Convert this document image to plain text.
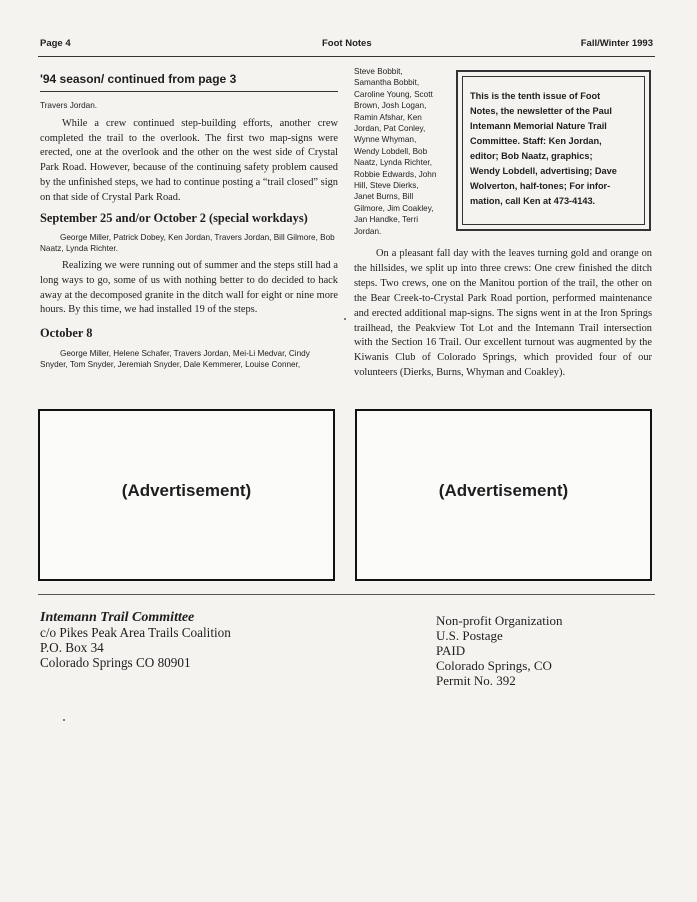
Page 4	Foot Notes	Fall/Winter 1993
'94 season/ continued from page 3
Travers Jordan.

While a crew continued step-building efforts, another crew completed the trail to the overlook. The first two map-signs were erected, one at the overlook and the other on the west side of Crystal Park Road. However, because of the continuing safety problem caused by the unfinished steps, we had to continue posting a “trail closed” sign on that side of Crystal Park Road.

September 25 and/or October 2 (special workdays)

George Miller, Patrick Dobey, Ken Jordan, Travers Jordan, Bill Gilmore, Bob Naatz, Lynda Richter.

Realizing we were running out of summer and the steps still had a long ways to go, some of us with nothing better to do decided to hack away at the decomposed granite in the ditch wall for eight or nine more hours. By this time, we had installed 19 of the steps.

October 8

George Miller, Helene Schafer, Travers Jordan, Mei-Li Medvar, Cindy Snyder, Tom Snyder, Jeremiah Snyder, Dale Kemmerer, Louise Conner,

Steve Bobbit,
Samantha Bobbit,
Caroline Young, Scott
Brown, Josh Logan,
Ramin Afshar, Ken
Jordan, Pat Conley,
Wynne Whyman,
Wendy Lobdell, Bob
Naatz, Lynda Richter,
Robbie Edwards, John
Hill, Steve Dierks,
Janet Burns, Bill
Gilmore, Jim Coakley,
Jan Handke, Terri
Jordan.
This is the tenth issue of Foot
Notes, the newsletter of the Paul
Intemann Memorial Nature Trail
Committee. Staff: Ken Jordan,
editor; Bob Naatz, graphics;
Wendy Lobdell, advertising; Dave
Wolverton, half-tones; For infor-
mation, call Ken at 473-4143.

On a pleasant fall day with the leaves turning gold and orange on the hillsides, we split up into three crews: One crew finished the ditch steps. Two crews, one on the Manitou portion of the trail, the other on the Bear Creek-to-Crystal Park Road portion, performed maintenance and erected additional map-signs. The signs went in at the Iron Springs trailhead, the Peakview Tot Lot and the Intemann Trail intersection with the Section 16 Trail. Our excellent turnout was augmented by the Kiwanis Club of Colorado Springs, which provided four of our volunteers (Dierks, Burns, Whyman and Coakley).

(Advertisement)	(Advertisement)
Intemann Trail Committee
c/o Pikes Peak Area Trails Coalition
P.O. Box 34
Colorado Springs CO 80901
Non-profit Organization
U.S. Postage
PAID
Colorado Springs, CO
Permit No. 392
